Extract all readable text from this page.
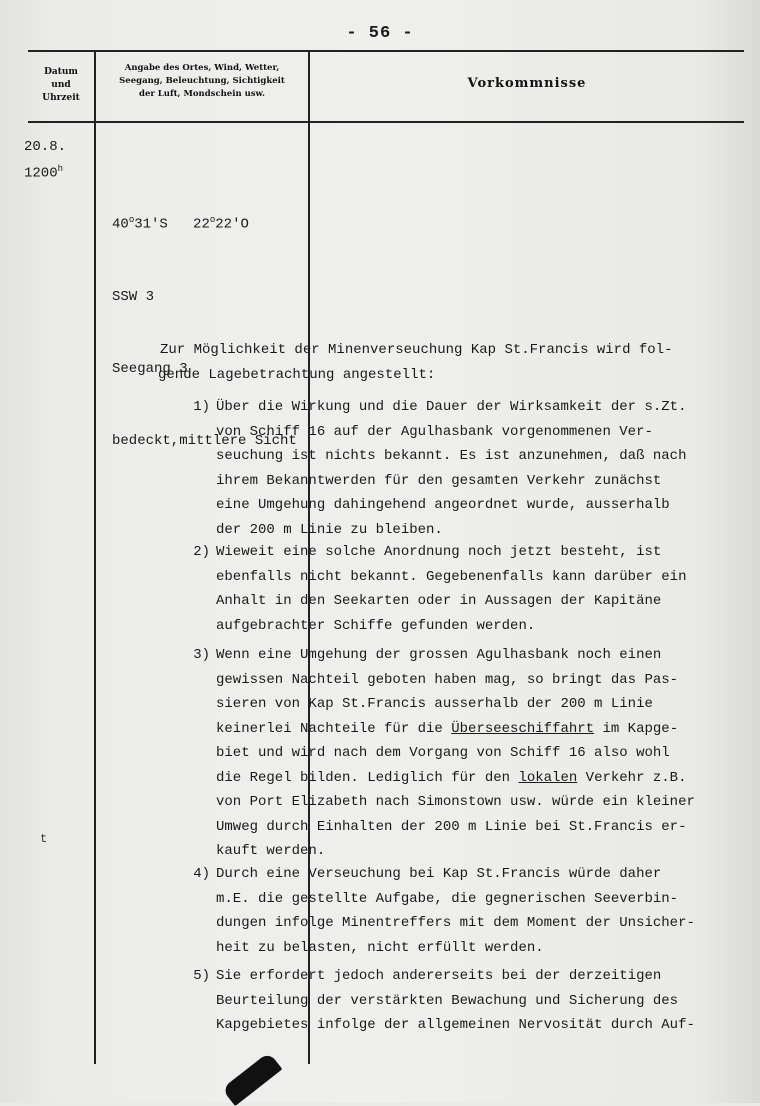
- 56 -
Datum
und
Uhrzeit
Angabe des Ortes, Wind, Wetter,
Seegang, Beleuchtung, Sichtigkeit
der Luft, Mondschein usw.
Vorkommnisse
20.8.
1200$^h$

40$^o$31'S 22$^o$22'O

SSW 3

Seegang 3

bedeckt,mittlere Sicht

Zur Möglichkeit der Minenverseuchung Kap St.Francis wird fol-
gende Lagebetrachtung angestellt:
1) Über die Wirkung und die Dauer der Wirksamkeit der s.Zt.
von Schiff 16 auf der Agulhasbank vorgenommenen Ver-
seuchung ist nichts bekannt. Es ist anzunehmen, daß nach
ihrem Bekanntwerden für den gesamten Verkehr zunächst
eine Umgehung dahingehend angeordnet wurde, ausserhalb
der 200 m Linie zu bleiben.
2) Wieweit eine solche Anordnung noch jetzt besteht, ist
ebenfalls nicht bekannt. Gegebenenfalls kann darüber ein
Anhalt in den Seekarten oder in Aussagen der Kapitäne
aufgebrachter Schiffe gefunden werden.
3) Wenn eine Umgehung der grossen Agulhasbank noch einen
gewissen Nachteil geboten haben mag, so bringt das Pas-
sieren von Kap St.Francis ausserhalb der 200 m Linie
keinerlei Nachteile für die Überseeschiffahrt im Kapge-
biet und wird nach dem Vorgang von Schiff 16 also wohl
die Regel bilden. Lediglich für den lokalen Verkehr z.B.
von Port Elizabeth nach Simonstown usw. würde ein kleiner
Umweg durch Einhalten der 200 m Linie bei St.Francis er-
kauft werden.
4) Durch eine Verseuchung bei Kap St.Francis würde daher
m.E. die gestellte Aufgabe, die gegnerischen Seeverbin-
dungen infolge Minentreffers mit dem Moment der Unsicher-
heit zu belasten, nicht erfüllt werden.
5) Sie erfordert jedoch andererseits bei der derzeitigen
Beurteilung der verstärkten Bewachung und Sicherung des
Kapgebietes infolge der allgemeinen Nervosität durch Auf-
t
